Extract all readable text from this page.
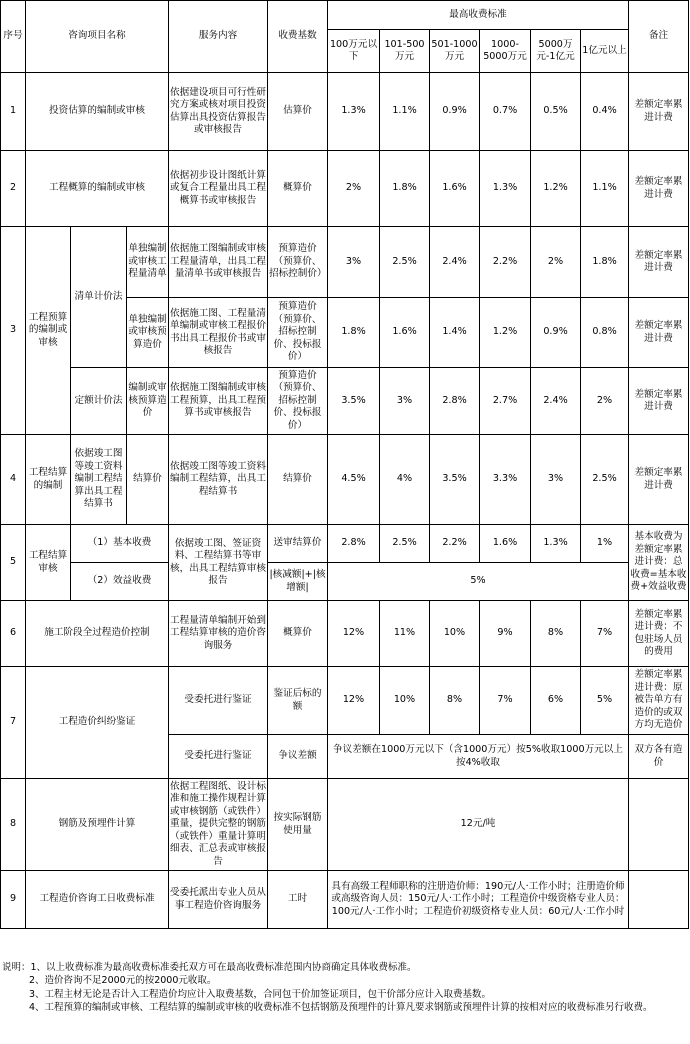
序号	咨询项目名称			服务内容	收费基数	最高收费标准						备注
						100万元以下	101-500万元	501-1000万元	1000-5000万元	5000万元-1亿元	1亿元以上	
1	投资估算的编制或审核			依据建设项目可行性研究方案或核对项目投资估算出具投资估算报告或审核报告	估算价	1.3%	1.1%	0.9%	0.7%	0.5%	0.4%	差额定率累进计费
2	工程概算的编制或审核			依据初步设计图纸计算或复合工程量出具工程概算书或审核报告	概算价	2%	1.8%	1.6%	1.3%	1.2%	1.1%	差额定率累进计费
3	工程预算的编制或审核	清单计价法	单独编制或审核工程量清单	依据施工图编制或审核工程量清单，出具工程量清单书或审核报告	预算造价（预算价、招标控制价）	3%	2.5%	2.4%	2.2%	2%	1.8%	差额定率累进计费
			单独编制或审核预算造价	依据施工图、工程量清单编制或审核工程报价书出具工程报价书或审核报告	预算造价（预算价、招标控制价、投标报价）	1.8%	1.6%	1.4%	1.2%	0.9%	0.8%	差额定率累进计费
		定额计价法	编制或审核预算造价	依据施工图编制或审核工程预算，出具工程预算书或审核报告	预算造价（预算价、招标控制价、投标报价）	3.5%	3%	2.8%	2.7%	2.4%	2%	差额定率累进计费
4	工程结算的编制	依据竣工图等竣工资料编制工程结算出具工程结算书	结算价	依据竣工图等竣工资料编制工程结算，出具工程结算书	结算价	4.5%	4%	3.5%	3.3%	3%	2.5%	差额定率累进计费
5	工程结算审核	（1）基本收费		依据竣工图、签证资料、工程结算书等审核，出具工程结算审核报告	送审结算价	2.8%	2.5%	2.2%	1.6%	1.3%	1%	基本收费为差额定率累进计费：总收费=基本收费+效益收费
		（2）效益收费			|核减额|+|核增额|	5%						
6	施工阶段全过程造价控制			工程量清单编制开始到工程结算审核的造价咨询服务	概算价	12%	11%	10%	9%	8%	7%	差额定率累进计费：不包驻场人员的费用
7	工程造价纠纷鉴证			受委托进行鉴证	鉴证后标的额	12%	10%	8%	7%	6%	5%	差额定率累进计费：原被告单方有造价的或双方均无造价
				受委托进行鉴证	争议差额	争议差额在1000万元以下（含1000万元）按5%收取1000万元以上按4%收取						双方各有造价
8	钢筋及预埋件计算			依据工程图纸、设计标准和施工操作规程计算或审核钢筋（或铁件）重量，提供完整的钢筋（或铁件）重量计算明细表、汇总表或审核报告	按实际钢筋使用量	12元/吨						
9	工程造价咨询工日收费标准			受委托派出专业人员从事工程造价咨询服务	工时	具有高级工程师职称的注册造价师：190元/人·工作小时；注册造价师或高级咨询人员：150元/人·工作小时；工程造价中级资格专业人员：100元/人·工作小时；工程造价初级资格专业人员：60元/人·工作小时						
说明：1、以上收费标准为最高收费标准委托双方可在最高收费标准范围内协商确定具体收费标准。
2、造价咨询不足2000元的按2000元收取。
3、工程主材无论是否计入工程造价均应计入取费基数，合同包干价加签证项目，包干价部分应计入取费基数。
4、工程预算的编制或审核、工程结算的编制或审核的收费标准不包括钢筋及预埋件的计算凡要求钢筋或预埋件计算的按相对应的收费标准另行收费。
